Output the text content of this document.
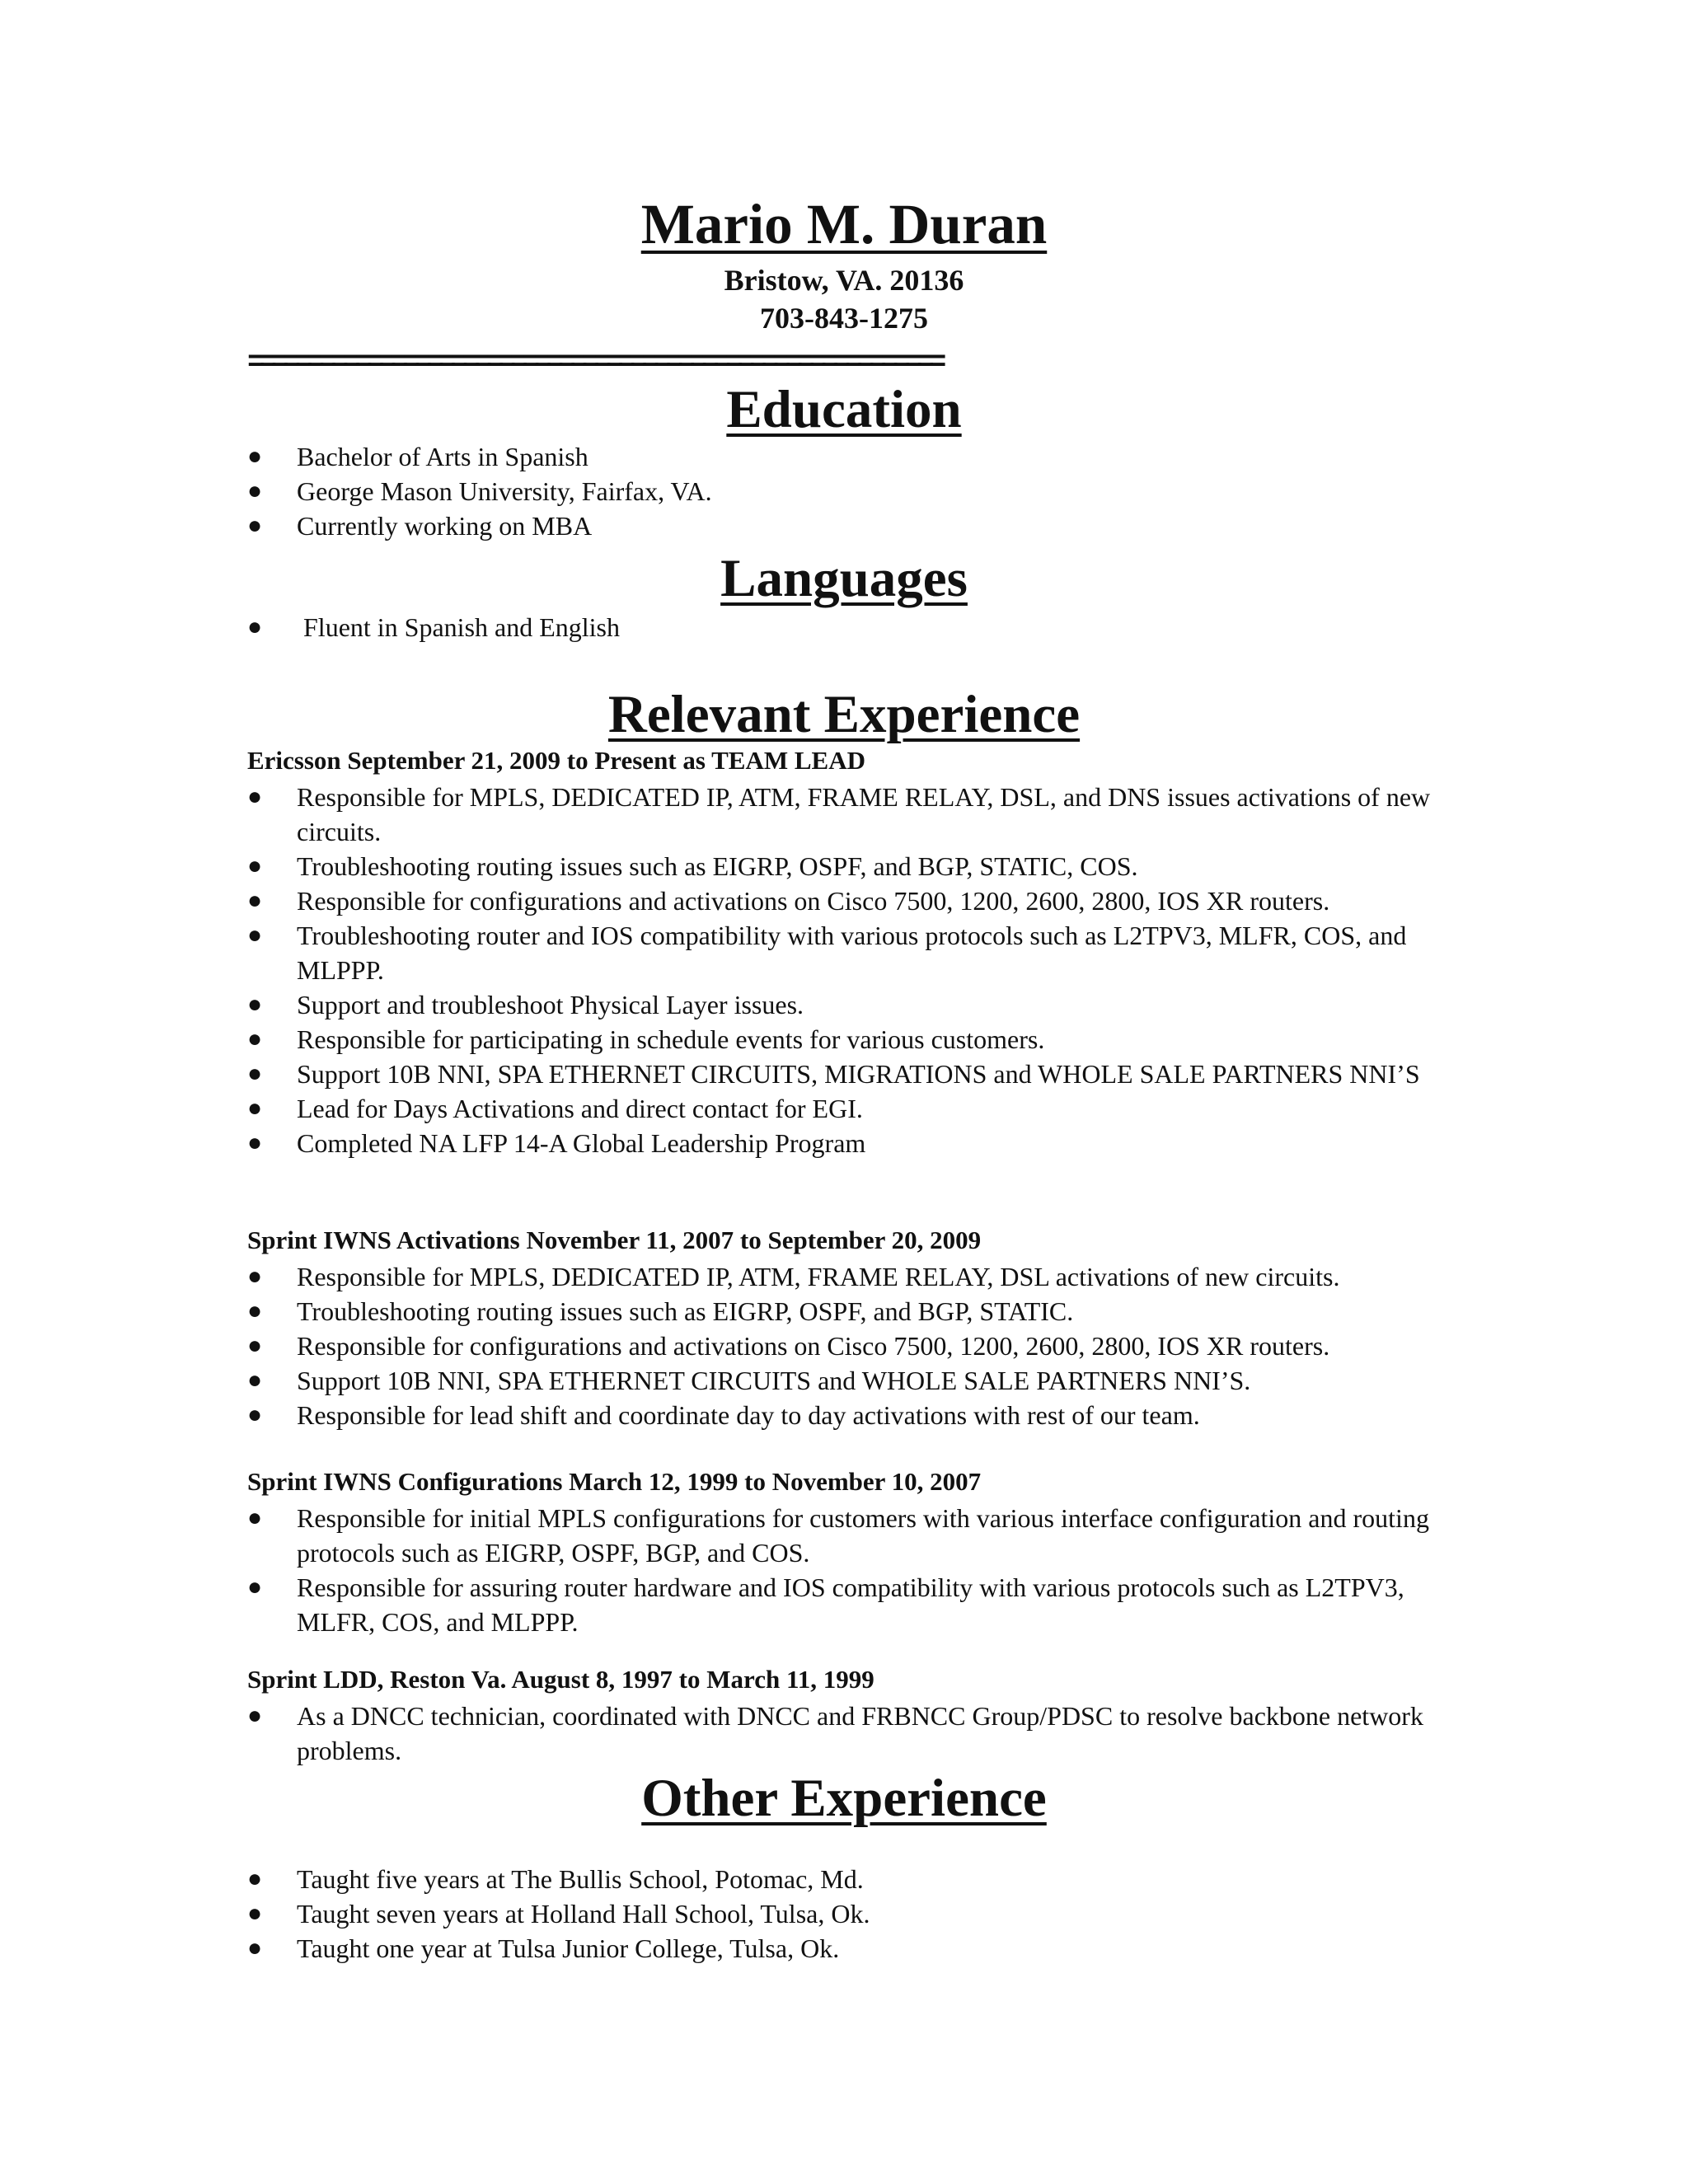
Mario M. Duran

Bristow, VA. 20136

703-843-1275

==========================================================
Education
● Bachelor of Arts in Spanish
● George Mason University, Fairfax, VA.
● Currently working on MBA
Languages
● Fluent in Spanish and English
Relevant Experience

Ericsson September 21, 2009 to Present as TEAM LEAD

● Responsible for MPLS, DEDICATED IP, ATM, FRAME RELAY, DSL, and DNS issues activations of new circuits.
● Troubleshooting routing issues such as EIGRP, OSPF, and BGP, STATIC, COS.
● Responsible for configurations and activations on Cisco 7500, 1200, 2600, 2800, IOS XR routers.
● Troubleshooting router and IOS compatibility with various protocols such as L2TPV3, MLFR, COS, and MLPPP.
● Support and troubleshoot Physical Layer issues.
● Responsible for participating in schedule events for various customers.
● Support 10B NNI, SPA ETHERNET CIRCUITS, MIGRATIONS and WHOLE SALE PARTNERS NNI’S
● Lead for Days Activations and direct contact for EGI.
● Completed NA LFP 14-A Global Leadership Program

Sprint IWNS Activations November 11, 2007 to September 20, 2009

● Responsible for MPLS, DEDICATED IP, ATM, FRAME RELAY, DSL activations of new circuits.
● Troubleshooting routing issues such as EIGRP, OSPF, and BGP, STATIC.
● Responsible for configurations and activations on Cisco 7500, 1200, 2600, 2800, IOS XR routers.
● Support 10B NNI, SPA ETHERNET CIRCUITS and WHOLE SALE PARTNERS NNI’S.
● Responsible for lead shift and coordinate day to day activations with rest of our team.

Sprint IWNS Configurations March 12, 1999 to November 10, 2007

● Responsible for initial MPLS configurations for customers with various interface configuration and routing protocols such as EIGRP, OSPF, BGP, and COS.
● Responsible for assuring router hardware and IOS compatibility with various protocols such as L2TPV3, MLFR, COS, and MLPPP.

Sprint LDD, Reston Va. August 8, 1997 to March 11, 1999

● As a DNCC technician, coordinated with DNCC and FRBNCC Group/PDSC to resolve backbone network problems.
Other Experience
● Taught five years at The Bullis School, Potomac, Md.
● Taught seven years at Holland Hall School, Tulsa, Ok.
● Taught one year at Tulsa Junior College, Tulsa, Ok.
